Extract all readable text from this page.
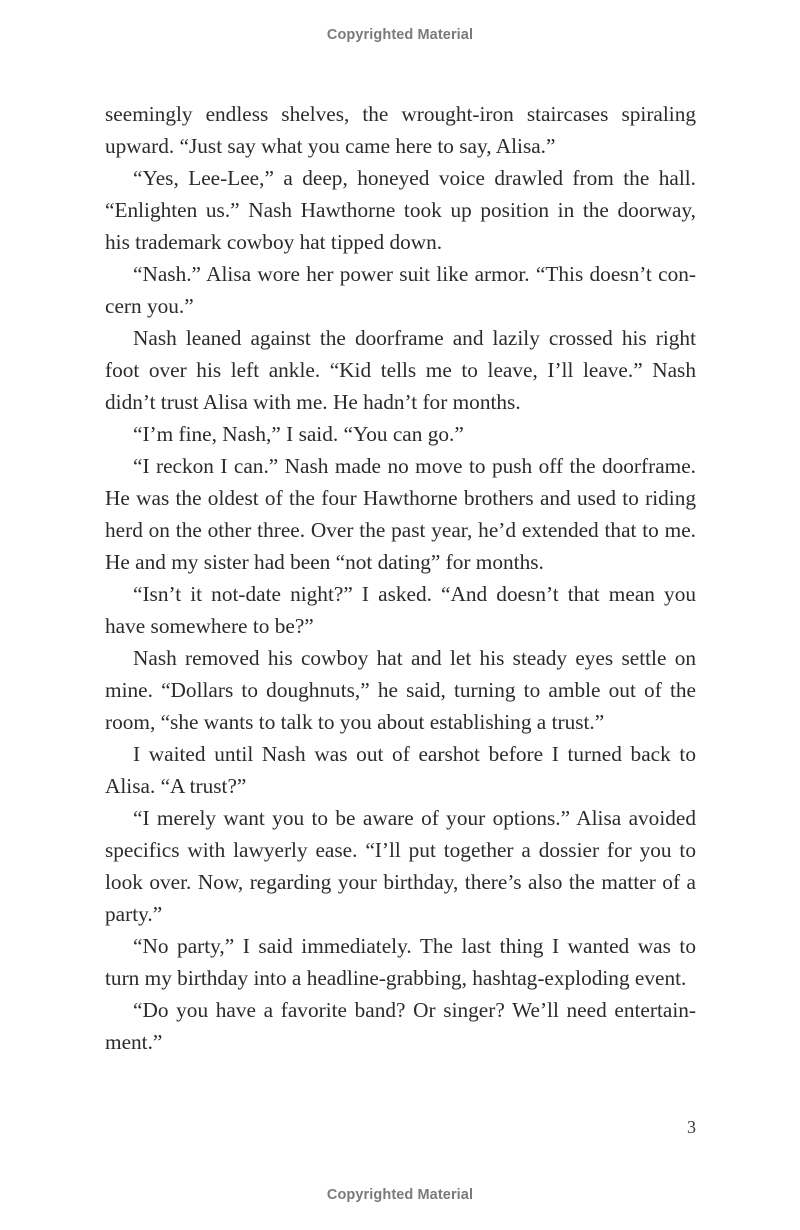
Copyrighted Material

seemingly endless shelves, the wrought-iron staircases spiraling upward. “Just say what you came here to say, Alisa.”

“Yes, Lee-Lee,” a deep, honeyed voice drawled from the hall. “Enlighten us.” Nash Hawthorne took up position in the doorway, his trademark cowboy hat tipped down.

“Nash.” Alisa wore her power suit like armor. “This doesn’t concern you.”

Nash leaned against the doorframe and lazily crossed his right foot over his left ankle. “Kid tells me to leave, I’ll leave.” Nash didn’t trust Alisa with me. He hadn’t for months.

“I’m fine, Nash,” I said. “You can go.”

“I reckon I can.” Nash made no move to push off the doorframe. He was the oldest of the four Hawthorne brothers and used to riding herd on the other three. Over the past year, he’d extended that to me. He and my sister had been “not dating” for months.

“Isn’t it not-date night?” I asked. “And doesn’t that mean you have somewhere to be?”

Nash removed his cowboy hat and let his steady eyes settle on mine. “Dollars to doughnuts,” he said, turning to amble out of the room, “she wants to talk to you about establishing a trust.”

I waited until Nash was out of earshot before I turned back to Alisa. “A trust?”

“I merely want you to be aware of your options.” Alisa avoided specifics with lawyerly ease. “I’ll put together a dossier for you to look over. Now, regarding your birthday, there’s also the matter of a party.”

“No party,” I said immediately. The last thing I wanted was to turn my birthday into a headline-grabbing, hashtag-exploding event.

“Do you have a favorite band? Or singer? We’ll need entertainment.”

3
Copyrighted Material
